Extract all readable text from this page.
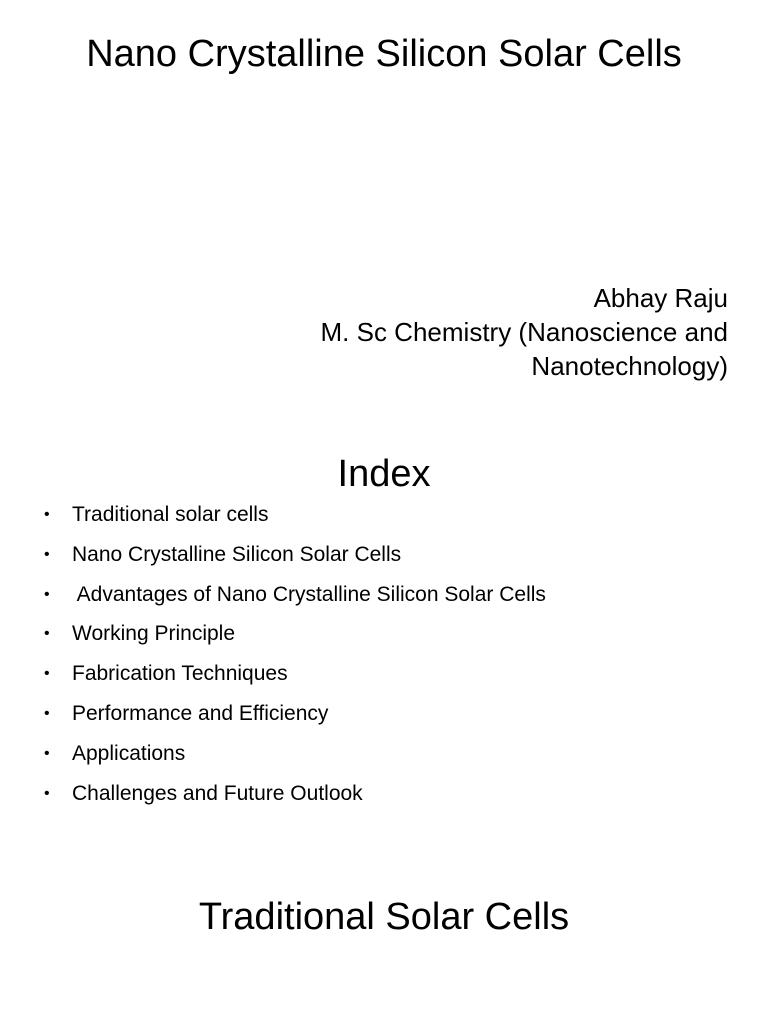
Nano Crystalline Silicon Solar Cells
Abhay Raju
M. Sc Chemistry (Nanoscience and
Nanotechnology)
Index
•	Traditional solar cells
•	Nano Crystalline Silicon Solar Cells
•	Advantages of Nano Crystalline Silicon Solar Cells
•	Working Principle
•	Fabrication Techniques
•	Performance and Efficiency
•	Applications
•	Challenges and Future Outlook
Traditional Solar Cells
